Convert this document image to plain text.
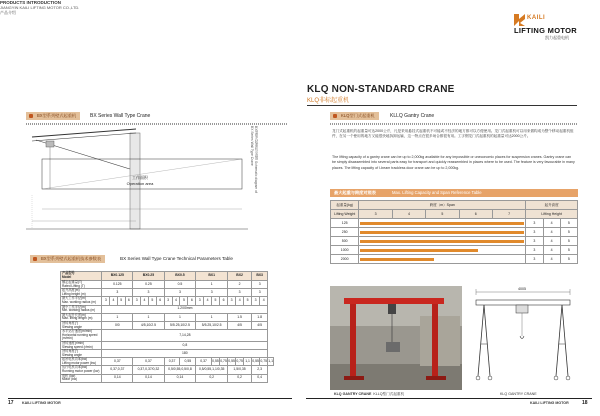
PRODUCTS INTRODUCTION
JIANGYIN KAILI LIFTING MOTOR CO.,LTD.
产品介绍
BX型系列壁式起重机	BX Series Wall Type Crane
工作面积
Operation area
BX型壁式起重机示意图 Schematic diagram of BX Series Wall Type Crane
BX型系列壁式起重机技术参数表	BX Series Wall Type Crane Technical Parameters Table
产品型号
Model	BX0.125				BX0.25				BX0.5				BX1				BX2			BX3		
额定起重量(T)
Rated Lifting (T)	0.125				0.25				0.5				1				2			3		
起升高度(m)
Lifting height (m)	3				3				3				3				3			3		
最大工作半径(m)
Max. working radius (m)	3	4	5	6	3	4	5	6	3	4	5	6	3	4	5	6	3	4	5	3	4	
最小工作半径(m)
Min. working radius (m)	1.2/00mm																					
最大起升长度(m)
Max. lifting length (m)	1				1				1				1				1.5			1.8		
回转角度(°)
Slewing angle	0/0				4/5,10/2.5				5/5.25,10/2.5				5/5.25,10/2.5				4/5			4/5		
水平运行速度(m/min)
Horizontal running speed (m/min)	7,14,28																					
回转速度(r/min)
Slewing speed (r/min)	0,8																					
回转角度(°)
Slewing angle	180																					
起吊电机功率(kw)
Lifting motor power (kw)	0,37				0,37				0,37		0,55		0,37		0,55	0,75	0,55	0,75	1,1	0,55	0,75	1,1
运行电机功率(kw)
Running motor power (kw)	0,37,0,37				0,37,0,37/0,32				0,5/0,55,0,5/0,8				0,5/0,55,1,1/0,35				1,5/0,35			2,3		
电机 (kw)
Motor (kw)	0,14				0,14				0,14				0,2				0,2			0,4		
17 KAILI LIFTING MOTOR
KAILI
LIFTING MOTOR
凯力起重电机
KLQ NON-STANDARD CRANE
KLQ非标起重机
KLQ型门式起重机	KLLQ Gantry Crane
龙门式起重机的起重量可达2000公斤，凡是采用悬挂式起重机不可能或不经济的地方都可以方便使用。龙门式起重机可以用来做构成为整个移动起重机组件，在另一个使用的地方又能很快地拆卸运输，这一特点在很多场合都很有用。工字钢龙门式起重机的起重量可达2000公斤。
The lifting capacity of a gantry crane can be up to 2,000kg available for any impossible or uneconomic places for suspension cranes. Gantry crane can be simply disassembled into several parts easy for transport and quickly reassembled in places where to be used. The feature is very favourable in many places. The lifting capacity of I-beam trackless door crane can be up to 2,000kg.
最大起重与跨度对照表	Max. Lifting Capacity and Span Reference Table
起重量(kg)	跨度（m）Span					起升高度		
Lifting Weight	3	4	5	6	7	Lifting Height		
125						3	4	5
250						3	4	5
500						3	4	5
1000						3	4	5
2000						3	4	5
KLQ GANTRY CRANE KLLQ型门式起重机
4005
KLQ GANTRY CRANE
KAILI LIFTING MOTOR	18
